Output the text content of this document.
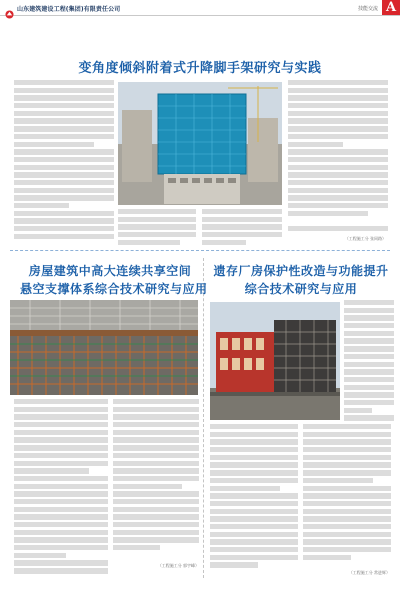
山东建筑建设工程(集团)有限责任公司	技能交流 A
变角度倾斜附着式升降脚手架研究与实践
（工程施工分 张同路）
房屋建筑中高大连续共享空间
悬空支撑体系综合技术研究与应用
（工程施工分 郭宇峰）
遗存厂房保护性改造与功能提升
综合技术研究与应用
（工程施工分 常进辉）
